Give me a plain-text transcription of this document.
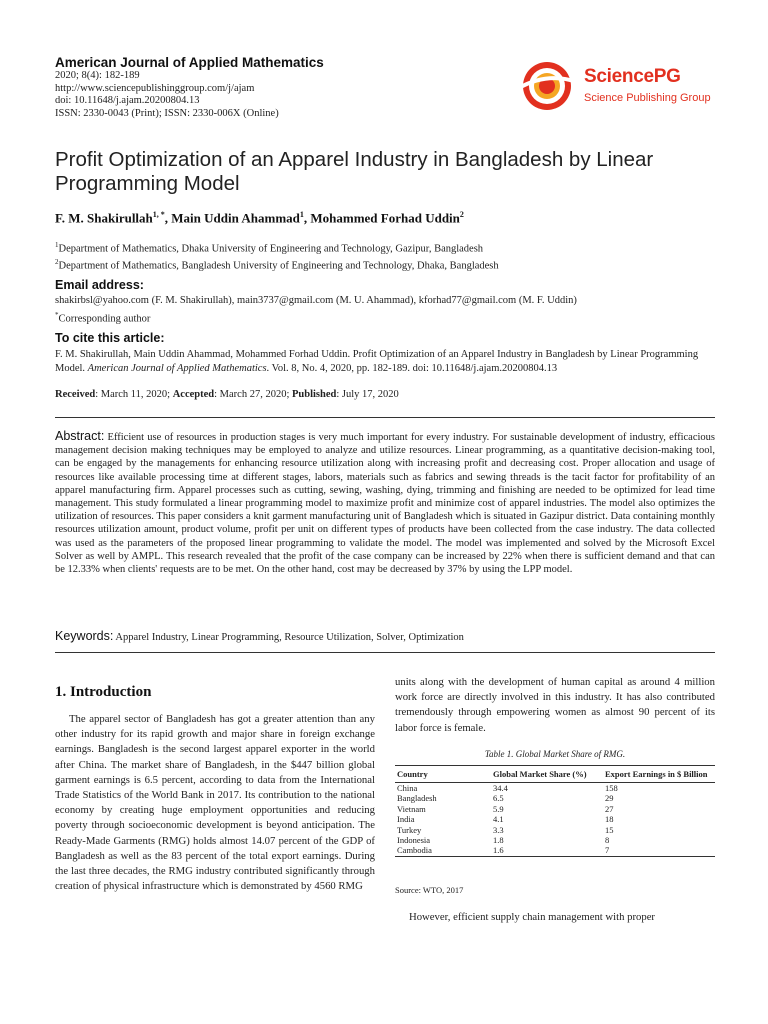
American Journal of Applied Mathematics
2020; 8(4): 182-189
http://www.sciencepublishinggroup.com/j/ajam
doi: 10.11648/j.ajam.20200804.13
ISSN: 2330-0043 (Print); ISSN: 2330-006X (Online)
SciencePG
Science Publishing Group
Profit Optimization of an Apparel Industry in Bangladesh by Linear Programming Model
F. M. Shakirullah$^{1, *}$, Main Uddin Ahammad$^1$, Mohammed Forhad Uddin$^2$
$^1$Department of Mathematics, Dhaka University of Engineering and Technology, Gazipur, Bangladesh
$^2$Department of Mathematics, Bangladesh University of Engineering and Technology, Dhaka, Bangladesh
Email address:
shakirbsl@yahoo.com (F. M. Shakirullah), main3737@gmail.com (M. U. Ahammad), kforhad77@gmail.com (M. F. Uddin)
*Corresponding author
To cite this article:
F. M. Shakirullah, Main Uddin Ahammad, Mohammed Forhad Uddin. Profit Optimization of an Apparel Industry in Bangladesh by Linear Programming Model. American Journal of Applied Mathematics. Vol. 8, No. 4, 2020, pp. 182-189. doi: 10.11648/j.ajam.20200804.13
Received: March 11, 2020; Accepted: March 27, 2020; Published: July 17, 2020
Abstract: Efficient use of resources in production stages is very much important for every industry. For sustainable development of industry, efficacious management decision making techniques may be employed to analyze and utilize resources. Linear programming, as a quantitative decision-making tool, can be engaged by the managements for enhancing resource utilization along with increasing profit and decreasing cost. Proper allocation and usage of resources like available processing time at different stages, labors, materials such as fabrics and sewing threads is the tacit factor for profitability of an apparel manufacturing firm. Apparel processes such as cutting, sewing, washing, dying, trimming and finishing are needed to be optimized for lead time management. This study formulated a linear programming model to maximize profit and minimize cost of apparel industries. The model also optimizes the utilization of resources. This paper considers a knit garment manufacturing unit of Bangladesh which is situated in Gazipur district. Data containing monthly resources utilization amount, product volume, profit per unit on different types of products have been collected from the case industry. The data collected was used as the parameters of the proposed linear programming to validate the model. The model was implemented and solved by the Microsoft Excel Solver as well by AMPL. This research revealed that the profit of the case company can be increased by 22% when there is sufficient demand and that can be 12.33% when clients' requests are to be met. On the other hand, cost may be decreased by 37% by using the LPP model.
Keywords: Apparel Industry, Linear Programming, Resource Utilization, Solver, Optimization
1. Introduction
The apparel sector of Bangladesh has got a greater attention than any other industry for its rapid growth and major share in foreign exchange earnings. Bangladesh is the second largest apparel exporter in the world after China. The market share of Bangladesh, in the $447 billion global garment earnings is 6.5 percent, according to data from the International Trade Statistics of the World Bank in 2017. Its contribution to the national economy by creating huge employment opportunities and reducing poverty through socioeconomic development is beyond anticipation. The Ready-Made Garments (RMG) holds almost 14.07 percent of the GDP of Bangladesh as well as the 83 percent of the total export earnings. During the last three decades, the RMG industry contributed significantly through creation of physical infrastructure which is demonstrated by 4560 RMG
units along with the development of human capital as around 4 million work force are directly involved in this industry. It has also contributed tremendously through empowering women as almost 90 percent of its labor force is female.
Table 1. Global Market Share of RMG.
Country	Global Market Share (%)	Export Earnings in $ Billion
China	34.4	158
Bangladesh	6.5	29
Vietnam	5.9	27
India	4.1	18
Turkey	3.3	15
Indonesia	1.8	8
Cambodia	1.6	7
Source: WTO, 2017
However, efficient supply chain management with proper
